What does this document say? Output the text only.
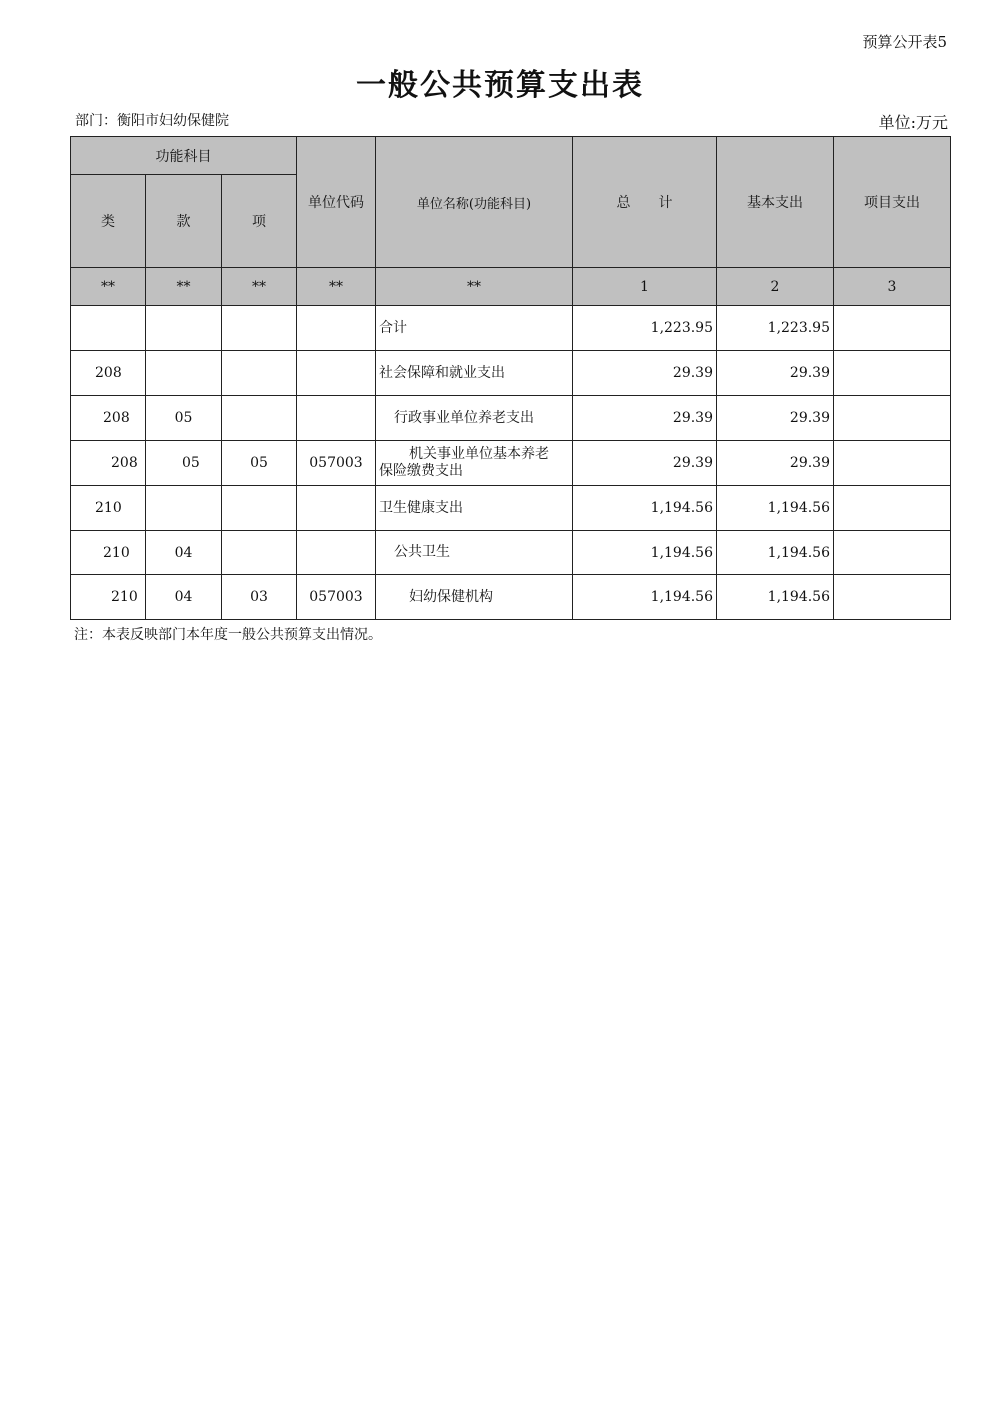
预算公开表5
一般公共预算支出表
部门：衡阳市妇幼保健院	单位:万元
功能科目			单位代码	单位名称(功能科目)	总 计	基本支出	项目支出
类	款	项					
**	**	**	**	**	1	2	3
				合计	1,223.95	1,223.95	
208				社会保障和就业支出	29.39	29.39	
208	05			行政事业单位养老支出	29.39	29.39	
208	05	05	057003	机关事业单位基本养老
保险缴费支出	29.39	29.39	
210				卫生健康支出	1,194.56	1,194.56	
210	04			公共卫生	1,194.56	1,194.56	
210	04	03	057003	妇幼保健机构	1,194.56	1,194.56	
注：本表反映部门本年度一般公共预算支出情况。
